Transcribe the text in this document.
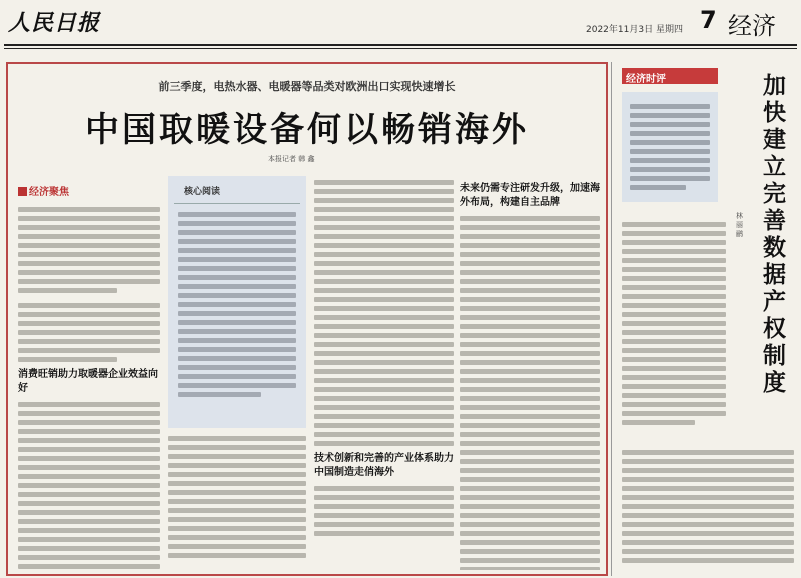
人民日报	2022年11月3日 星期四 7 经济
前三季度，电热水器、电暖器等品类对欧洲出口实现快速增长
中国取暖设备何以畅销海外
本报记者 韩 鑫
经济聚焦
消费旺销助力取暖器企业效益向好
核心阅读
技术创新和完善的产业体系助力中国制造走俏海外
未来仍需专注研发升级，加速海外布局，构建自主品牌
经济时评	加快建立完善数据产权制度
林丽鹂
